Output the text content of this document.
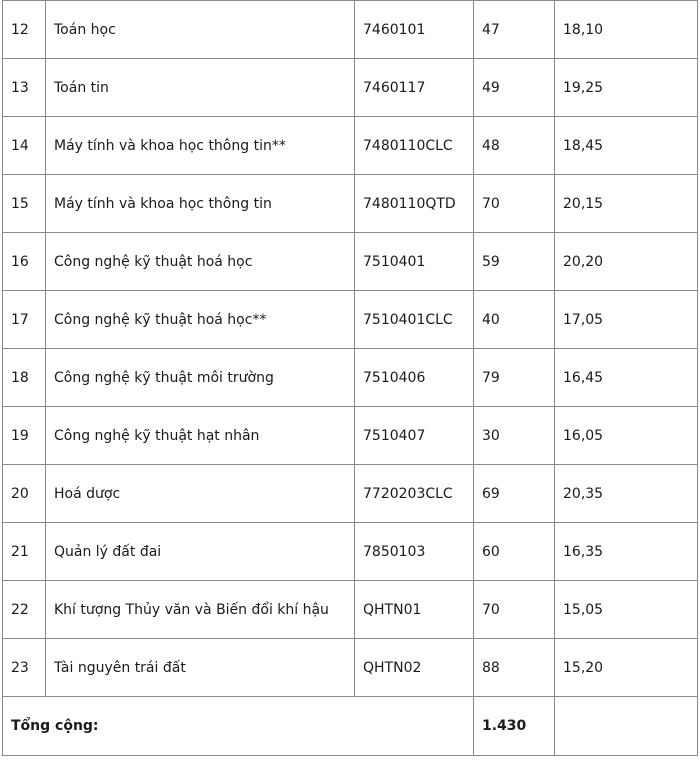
12	Toán học	7460101	47	18,10
13	Toán tin	7460117	49	19,25
14	Máy tính và khoa học thông tin**	7480110CLC	48	18,45
15	Máy tính và khoa học thông tin	7480110QTD	70	20,15
16	Công nghệ kỹ thuật hoá học	7510401	59	20,20
17	Công nghệ kỹ thuật hoá học**	7510401CLC	40	17,05
18	Công nghệ kỹ thuật môi trường	7510406	79	16,45
19	Công nghệ kỹ thuật hạt nhân	7510407	30	16,05
20	Hoá dược	7720203CLC	69	20,35
21	Quản lý đất đai	7850103	60	16,35
22	Khí tượng Thủy văn và Biến đổi khí hậu	QHTN01	70	15,05
23	Tài nguyên trái đất	QHTN02	88	15,20
Tổng cộng:			1.430	
